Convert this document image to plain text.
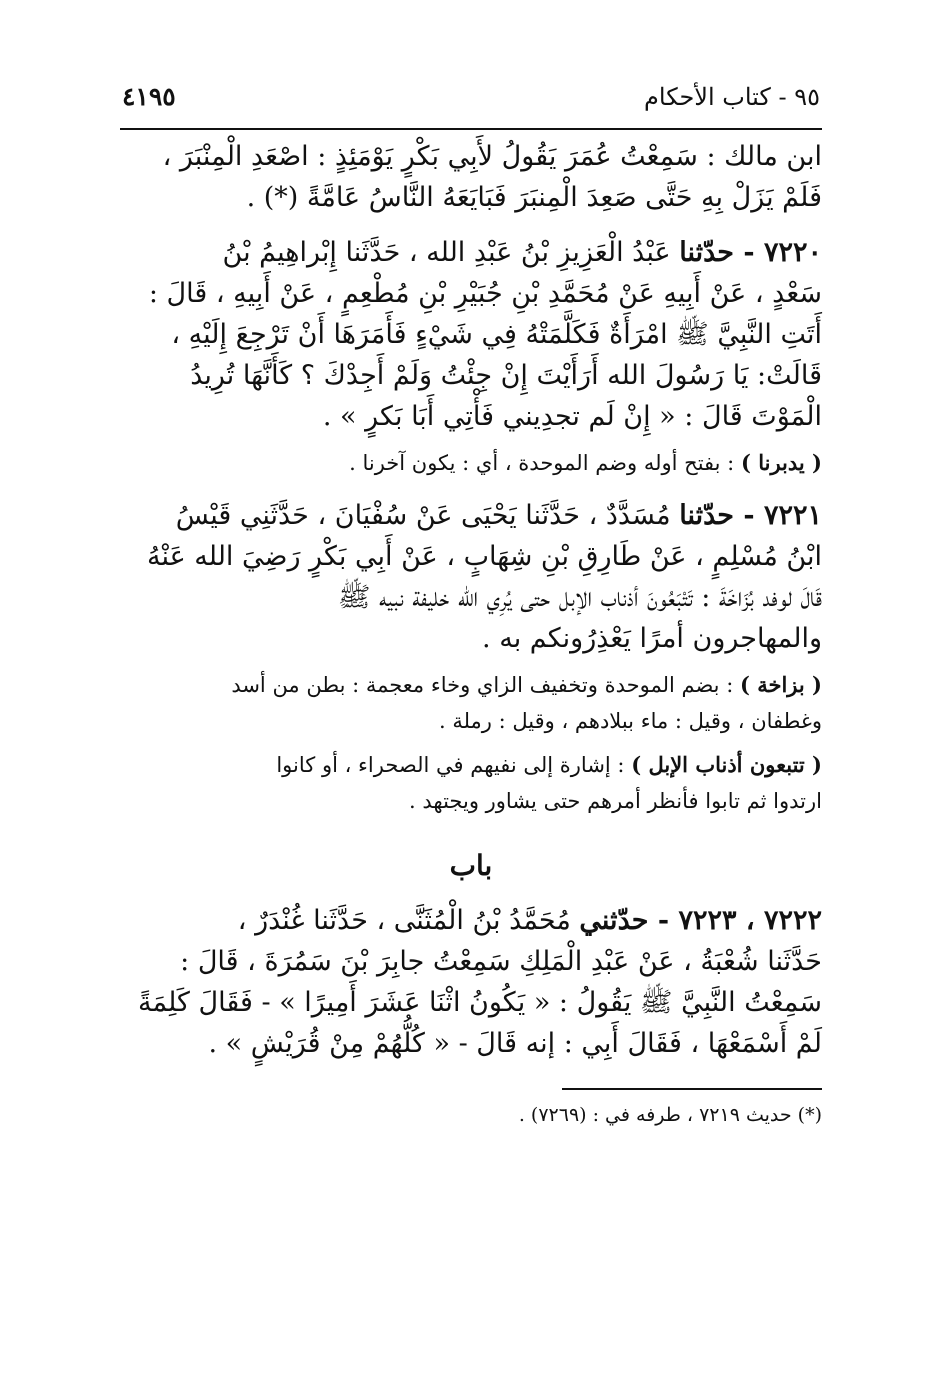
٩٥ - كتاب الأحكام
٤١٩٥

ابن مالك : سَمِعْتُ عُمَرَ يَقُولُ لأَبِي بَكْرٍ يَوْمَئِذٍ : اصْعَدِ الْمِنْبَرَ ،
فَلَمْ يَزَلْ بِهِ حَتَّى صَعِدَ الْمِنبَرَ فَبَايَعَهُ النَّاسُ عَامَّةً (*) .

٧٢٢٠ - حدّثنا عَبْدُ الْعَزِيزِ بْنُ عَبْدِ الله ، حَدَّثَنا إِبْراهِيمُ بْنُ
سَعْدٍ ، عَنْ أَبِيهِ عَنْ مُحَمَّدِ بْنِ جُبَيْرِ بْنِ مُطْعِمٍ ، عَنْ أَبِيهِ ، قَالَ :
أَتَتِ النَّبِيَّ ﷺ امْرَأَةٌ فَكَلَّمَتْهُ فِي شَيْءٍ فَأَمَرَهَا أَنْ تَرْجِعَ إِلَيْهِ ،
قَالَتْ: يَا رَسُولَ الله أَرَأَيْتَ إِنْ جِئْتُ وَلَمْ أَجِدْكَ ؟ كَأَنَّهَا تُرِيدُ
الْمَوْتَ قَالَ : « إِنْ لَم تجدِيني فَأْتِي أَبَا بَكرٍ » .

( يدبرنا ) : بفتح أوله وضم الموحدة ، أي : يكون آخرنا .

٧٢٢١ - حدّثنا مُسَدَّدٌ ، حَدَّثَنا يَحْيَى عَنْ سُفْيَانَ ، حَدَّثَنِي قَيْسُ
ابْنُ مُسْلِمٍ ، عَنْ طَارِقِ بْنِ شِهَابٍ ، عَنْ أَبِي بَكْرٍ رَضِيَ الله عَنْهُ
قَالَ لوفد بُزَاخَةَ : تَتْبَعُونَ أذناب الإبل حتى يُرِي الله خليفة نبيه ﷺ
والمهاجرون أمرًا يَعْذِرُونكم به .

( بزاخة ) : بضم الموحدة وتخفيف الزاي وخاء معجمة : بطن من أسد
وغطفان ، وقيل : ماء ببلادهم ، وقيل : رملة .

( تتبعون أذناب الإبل ) : إشارة إلى نفيهم في الصحراء ، أو كانوا
ارتدوا ثم تابوا فأنظر أمرهم حتى يشاور ويجتهد .

باب

٧٢٢٢ ، ٧٢٢٣ - حدّثني مُحَمَّدُ بْنُ الْمُثَنَّى ، حَدَّثَنا غُنْدَرٌ ،
حَدَّثَنا شُعْبَةُ ، عَنْ عَبْدِ الْمَلِكِ سَمِعْتُ جابِرَ بْنَ سَمُرَةَ ، قَالَ :
سَمِعْتُ النَّبِيَّ ﷺ يَقُولُ : « يَكُونُ اثْنَا عَشَرَ أَمِيرًا » - فَقَالَ كَلِمَةً
لَمْ أَسْمَعْهَا ، فَقَالَ أَبِي : إنه قَالَ - « كُلُّهُمْ مِنْ قُرَيْشٍ » .

(*) حديث ٧٢١٩ ، طرفه في : (٧٢٦٩) .
